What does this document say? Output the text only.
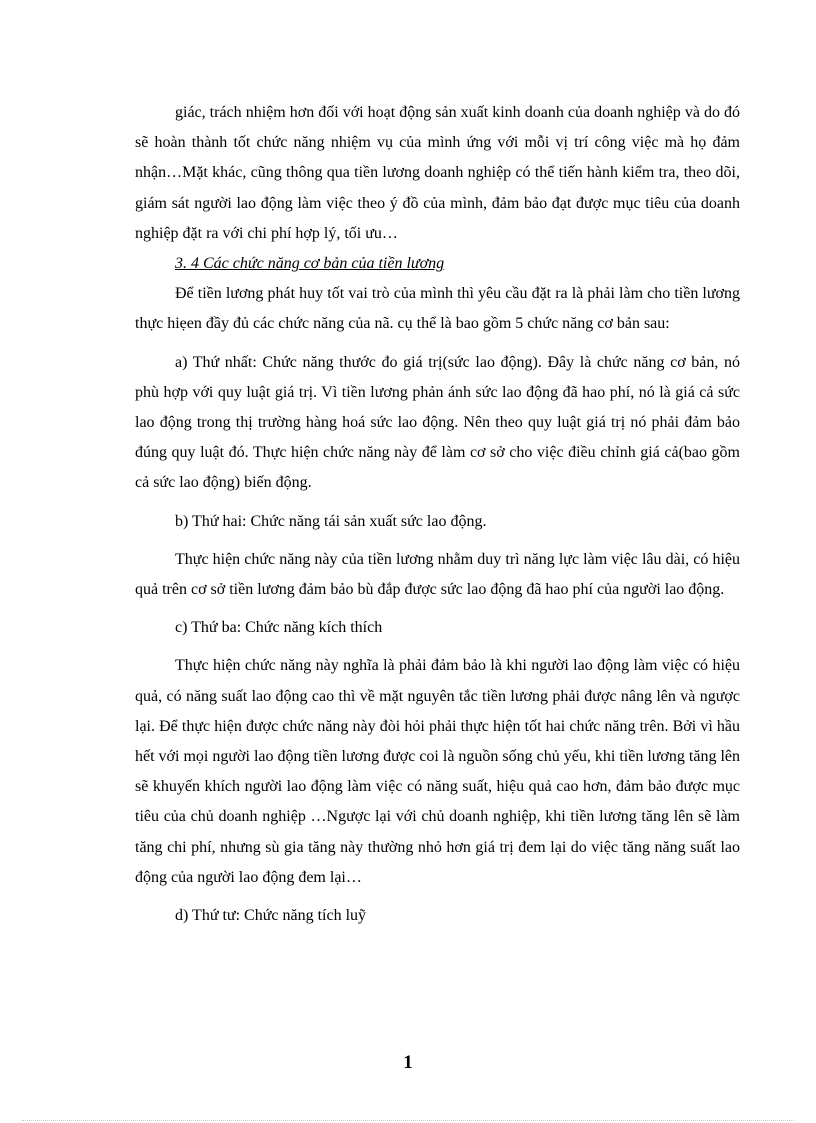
giác, trách nhiệm hơn đối với hoạt động sản xuất kinh doanh của doanh nghiệp và do đó sẽ hoàn thành tốt chức năng nhiệm vụ của mình ứng với mỗi vị trí công việc mà họ đảm nhận…Mặt khác, cũng thông qua tiền lương doanh nghiệp có thể tiến hành kiểm tra, theo dõi, giám sát người lao động làm việc theo ý đồ của mình, đảm bảo đạt được mục tiêu của doanh nghiệp đặt ra với chi phí hợp lý, tối ưu…

3. 4 Các chức năng cơ bản của tiền lương

Để tiền lương phát huy tốt vai trò của mình thì yêu cầu đặt ra là phải làm cho tiền lương thực hiẹen đầy đủ các chức năng của nã. cụ thể là bao gồm 5 chức năng cơ bản sau:

a) Thứ nhất: Chức năng thước đo giá trị(sức lao động). Đây là chức năng cơ bản, nó phù hợp với quy luật giá trị. Vì tiền lương phản ánh sức lao động đã hao phí, nó là giá cả sức lao động trong thị trường hàng hoá sức lao động. Nên theo quy luật giá trị nó phải đảm bảo đúng quy luật đó. Thực hiện chức năng này để làm cơ sở cho việc điều chỉnh giá cả(bao gồm cả sức lao động) biến động.

b) Thứ hai: Chức năng tái sản xuất sức lao động.

Thực hiện chức năng này của tiền lương nhằm duy trì năng lực làm việc lâu dài, có hiệu quả trên cơ sở tiền lương đảm bảo bù đắp được sức lao động đã hao phí của người lao động.

c) Thứ ba: Chức năng kích thích

Thực hiện chức năng này nghĩa là phải đảm bảo là khi người lao động làm việc có hiệu quả, có năng suất lao động cao thì về mặt nguyên tắc tiền lương phải được nâng lên và ngược lại. Để thực hiện được chức năng này đòi hỏi phải thực hiện tốt hai chức năng trên. Bởi vì hầu hết với mọi người lao động tiền lương được coi là nguồn sống chủ yếu, khi tiền lương tăng lên sẽ khuyến khích người lao động làm việc có năng suất, hiệu quả cao hơn, đảm bảo được mục tiêu của chủ doanh nghiệp …Ngược lại với chủ doanh nghiệp, khi tiền lương tăng lên sẽ làm tăng chi phí, nhưng sù gia tăng này thường nhỏ hơn giá trị đem lại do việc tăng năng suất lao động của người lao động đem lại…

d) Thứ tư: Chức năng tích luỹ

1
